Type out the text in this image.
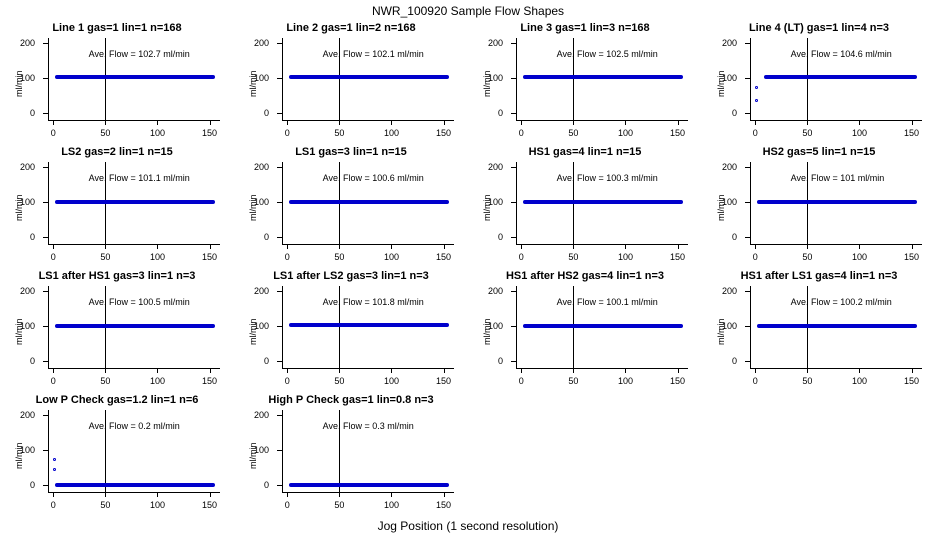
NWR_100920 Sample Flow Shapes
Line 1 gas=1 lin=1 n=168
ml/min
0
100
200
0	50	100	150
Ave. Flow = 102.7 ml/min
Line 2 gas=1 lin=2 n=168
ml/min
0
100
200
0	50	100	150
Ave. Flow = 102.1 ml/min
Line 3 gas=1 lin=3 n=168
ml/min
0
100
200
0	50	100	150
Ave. Flow = 102.5 ml/min
Line 4 (LT) gas=1 lin=4 n=3
ml/min
0
100
200
0	50	100	150
Ave. Flow = 104.6 ml/min
LS2 gas=2 lin=1 n=15
ml/min
0
100
200
0	50	100	150
Ave. Flow = 101.1 ml/min
LS1 gas=3 lin=1 n=15
ml/min
0
100
200
0	50	100	150
Ave. Flow = 100.6 ml/min
HS1 gas=4 lin=1 n=15
ml/min
0
100
200
0	50	100	150
Ave. Flow = 100.3 ml/min
HS2 gas=5 lin=1 n=15
ml/min
0
100
200
0	50	100	150
Ave. Flow = 101 ml/min
LS1 after HS1 gas=3 lin=1 n=3
ml/min
0
100
200
0	50	100	150
Ave. Flow = 100.5 ml/min
LS1 after LS2 gas=3 lin=1 n=3
ml/min
0
100
200
0	50	100	150
Ave. Flow = 101.8 ml/min
HS1 after HS2 gas=4 lin=1 n=3
ml/min
0
100
200
0	50	100	150
Ave. Flow = 100.1 ml/min
HS1 after LS1 gas=4 lin=1 n=3
ml/min
0
100
200
0	50	100	150
Ave. Flow = 100.2 ml/min
Low P Check gas=1.2 lin=1 n=6
ml/min
0
100
200
0	50	100	150
Ave. Flow = 0.2 ml/min
High P Check gas=1 lin=0.8 n=3
ml/min
0
100
200
0	50	100	150
Ave. Flow = 0.3 ml/min
Jog Position (1 second resolution)
